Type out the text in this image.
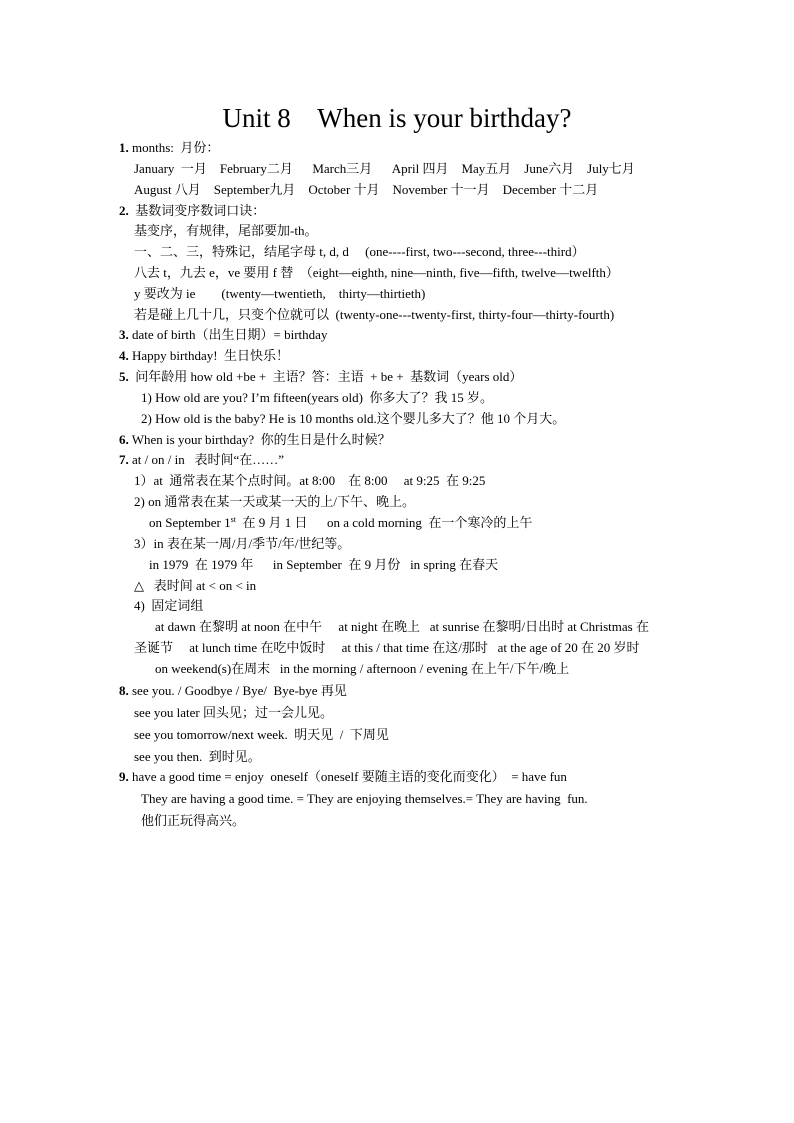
Unit 8    When is your birthday?
1. months:  月份：
January  一月    February二月      March三月      April 四月    May五月    June六月    July七月
August 八月    September九月    October 十月    November 十一月    December 十二月
2.  基数词变序数词口诀：
基变序，有规律，尾部要加-th。
一、二、三，特殊记，结尾字母 t, d, d     (one----first, two---second, three---third）
八去 t，九去 e，ve 要用 f 替  （eight—eighth, nine—ninth, five—fifth, twelve—twelfth）
y 要改为 ie        (twenty—twentieth,    thirty—thirtieth)
若是碰上几十几，只变个位就可以  (twenty-one---twenty-first, thirty-four—thirty-fourth)
3. date of birth（出生日期）= birthday
4. Happy birthday!  生日快乐！
5.  问年龄用 how old +be +  主语？答：主语  + be +  基数词（years old）
1) How old are you? I’m fifteen(years old)  你多大了？我 15 岁。
2) How old is the baby? He is 10 months old.这个婴儿多大了？他 10 个月大。
6. When is your birthday?  你的生日是什么时候？
7. at / on / in   表时间“在……”
1）at  通常表在某个点时间。at 8:00    在 8:00     at 9:25  在 9:25
2) on 通常表在某一天或某一天的上/下午、晚上。
on September 1st  在 9 月 1 日      on a cold morning  在一个寒冷的上午
3）in 表在某一周/月/季节/年/世纪等。
in 1979  在 1979 年      in September  在 9 月份   in spring 在春天
△   表时间 at < on < in
4)  固定词组
at dawn 在黎明 at noon 在中午     at night 在晚上   at sunrise 在黎明/日出时 at Christmas 在
圣诞节     at lunch time 在吃中饭时     at this / that time 在这/那时   at the age of 20 在 20 岁时
on weekend(s)在周末   in the morning / afternoon / evening 在上午/下午/晚上
8. see you. / Goodbye / Bye/  Bye-bye 再见
see you later 回头见；过一会儿见。
see you tomorrow/next week.  明天见  /  下周见
see you then.  到时见。
9. have a good time = enjoy  oneself（oneself 要随主语的变化而变化）  = have fun
They are having a good time. = They are enjoying themselves.= They are having  fun.
他们正玩得高兴。
